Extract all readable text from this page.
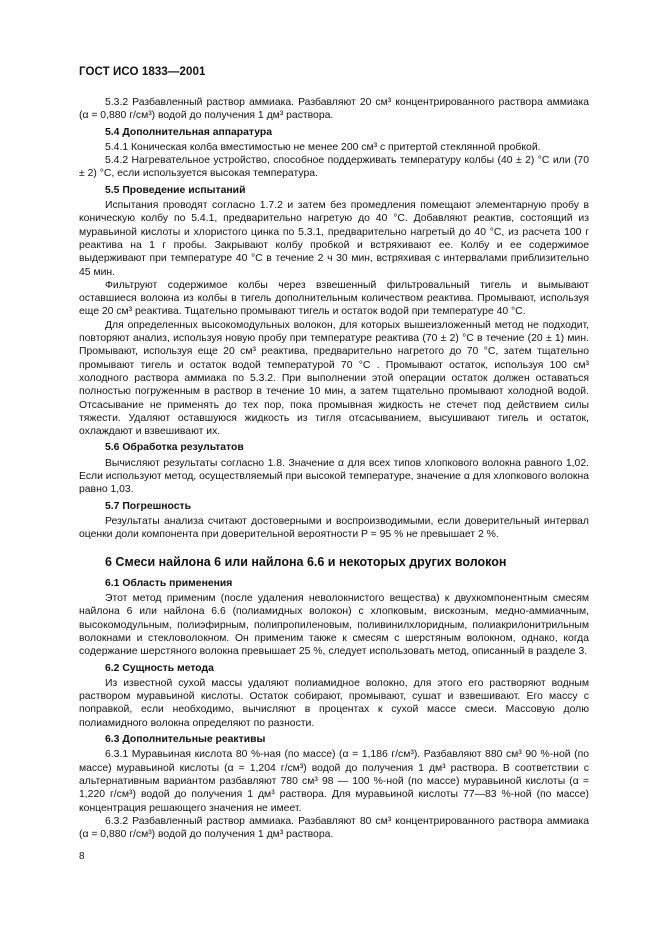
ГОСТ ИСО 1833—2001

5.3.2 Разбавленный раствор аммиака. Разбавляют 20 см³ концентрированного раствора аммиака (α = 0,880 г/см³) водой до получения 1 дм³ раствора.

5.4 Дополнительная аппаратура

5.4.1 Коническая колба вместимостью не менее 200 см³ с притертой стеклянной пробкой.

5.4.2 Нагревательное устройство, способное поддерживать температуру колбы (40 ± 2) °С или (70 ± 2) °С, если используется высокая температура.

5.5 Проведение испытаний

Испытания проводят согласно 1.7.2 и затем без промедления помещают элементарную пробу в коническую колбу по 5.4.1, предварительно нагретую до 40 °С. Добавляют реактив, состоящий из муравьиной кислоты и хлористого цинка по 5.3.1, предварительно нагретый до 40 °С, из расчета 100 г реактива на 1 г пробы. Закрывают колбу пробкой и встряхивают ее. Колбу и ее содержимое выдерживают при температуре 40 °С в течение 2 ч 30 мин, встряхивая с интервалами приблизительно 45 мин.

Фильтруют содержимое колбы через взвешенный фильтровальный тигель и вымывают оставшиеся волокна из колбы в тигель дополнительным количеством реактива. Промывают, используя еще 20 см³ реактива. Тщательно промывают тигель и остаток водой при температуре 40 °С.

Для определенных высокомодульных волокон, для которых вышеизложенный метод не подходит, повторяют анализ, используя новую пробу при температуре реактива (70 ± 2) °С в течение (20 ± 1) мин. Промывают, используя еще 20 см³ реактива, предварительно нагретого до 70 °С, затем тщательно промывают тигель и остаток водой температурой 70 °С . Промывают остаток, используя 100 см³ холодного раствора аммиака по 5.3.2. При выполнении этой операции остаток должен оставаться полностью погруженным в раствор в течение 10 мин, а затем тщательно промывают холодной водой. Отсасывание не применять до тех пор, пока промывная жидкость не стечет под действием силы тяжести. Удаляют оставшуюся жидкость из тигля отсасыванием, высушивают тигель и остаток, охлаждают и взвешивают их.

5.6 Обработка результатов

Вычисляют результаты согласно 1.8. Значение α для всех типов хлопкового волокна равного 1,02. Если используют метод, осуществляемый при высокой температуре, значение α для хлопкового волокна равно 1,03.

5.7 Погрешность

Результаты анализа считают достоверными и воспроизводимыми, если доверительный интервал оценки доли компонента при доверительной вероятности P = 95 % не превышает 2 %.

6 Смеси найлона 6 или найлона 6.6 и некоторых других волокон
6.1 Область применения

Этот метод применим (после удаления неволокнистого вещества) к двухкомпонентным смесям найлона 6 или найлона 6.6 (полиамидных волокон) с хлопковым, вискозным, медно-аммиачным, высокомодульным, полиэфирным, полипропиленовым, поливинилхлоридным, полиакрилонитрильным волокнами и стекловолокном. Он применим также к смесям с шерстяным волокном, однако, когда содержание шерстяного волокна превышает 25 %, следует использовать метод, описанный в разделе 3.

6.2 Сущность метода

Из известной сухой массы удаляют полиамидное волокно, для этого его растворяют водным раствором муравьиной кислоты. Остаток собирают, промывают, сушат и взвешивают. Его массу с поправкой, если необходимо, вычисляют в процентах к сухой массе смеси. Массовую долю полиамидного волокна определяют по разности.

6.3 Дополнительные реактивы

6.3.1 Муравьиная кислота 80 %-ная (по массе) (α = 1,186 г/см³). Разбавляют 880 см³ 90 %-ной (по массе) муравьиной кислоты (α = 1,204 г/см³) водой до получения 1 дм³ раствора. В соответствии с альтернативным вариантом разбавляют 780 см³ 98 — 100 %-ной (по массе) муравьиной кислоты (α = 1,220 г/см³) водой до получения 1 дм³ раствора. Для муравьиной кислоты 77—83 %-ной (по массе) концентрация решающего значения не имеет.

6.3.2 Разбавленный раствор аммиака. Разбавляют 80 см³ концентрированного раствора аммиака (α = 0,880 г/см³) водой до получения 1 дм³ раствора.

8
